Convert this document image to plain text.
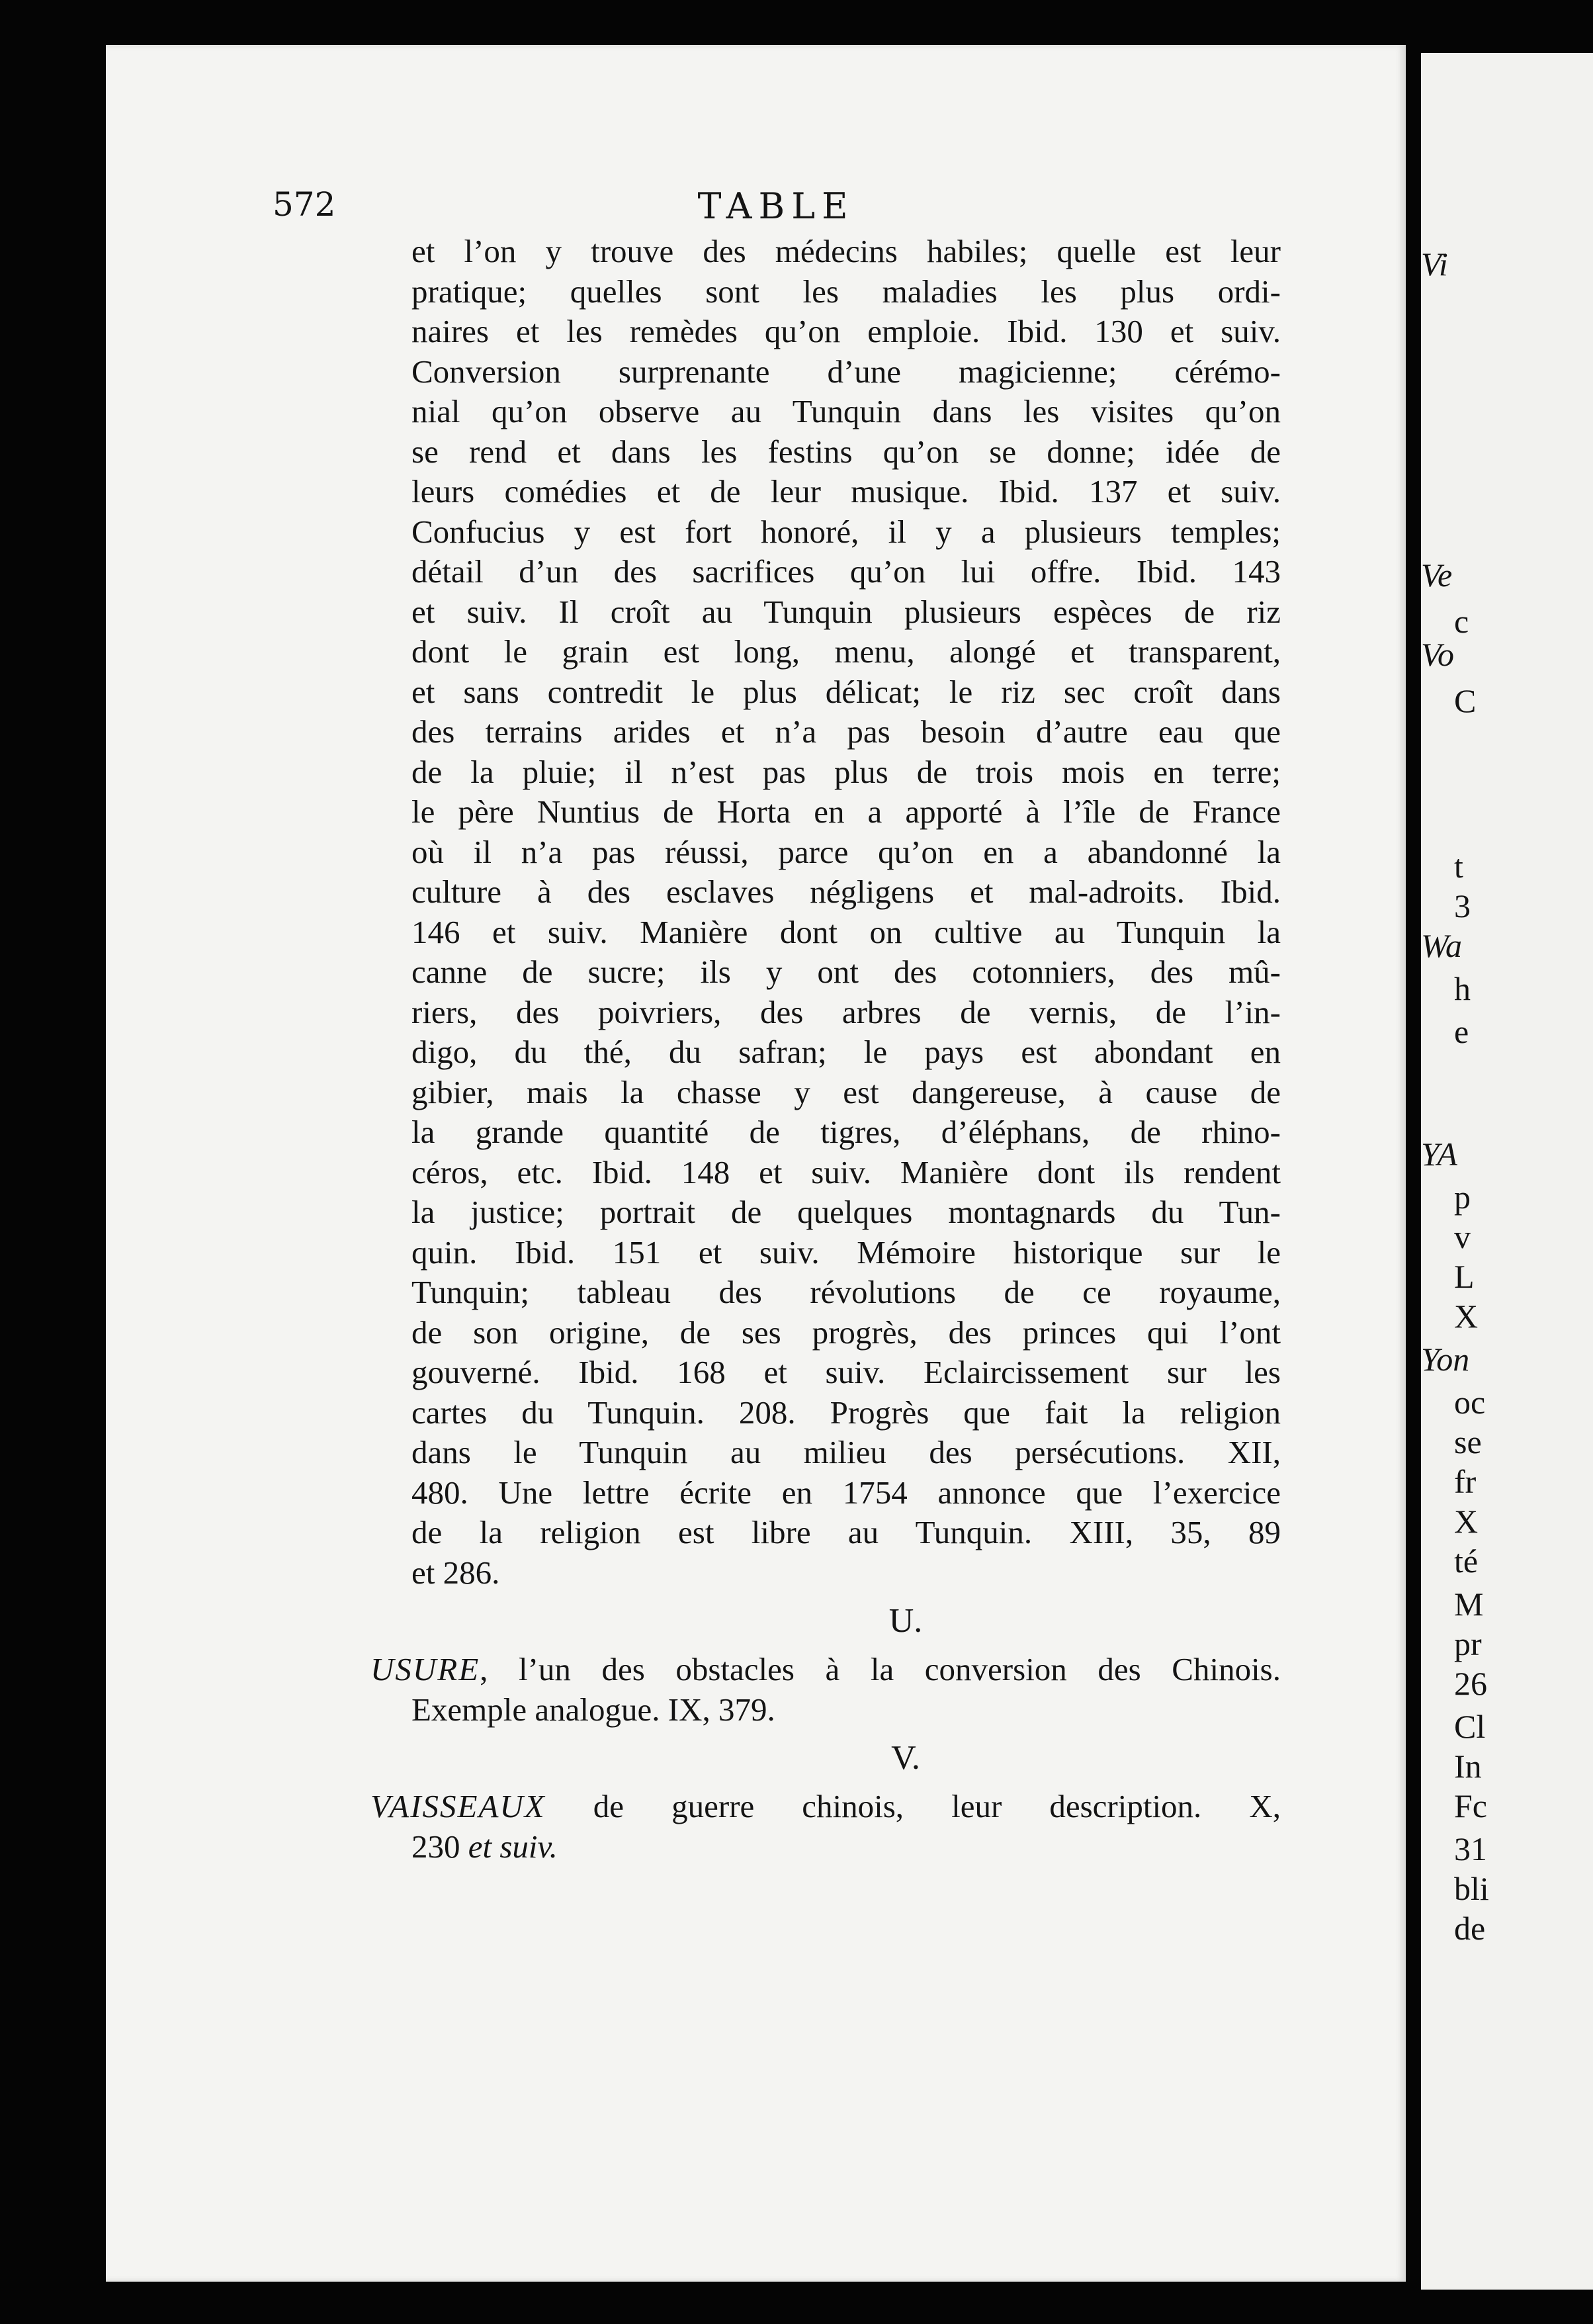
Vi
Ve
c
Vo
C
t
3
Wa
h
e
YA
p
v
L
X
Yon
oc
se
fr
X
té
M
pr
26
Cl
In
Fc
31
bli
de
572	TABLE
et l’on y trouve des médecins habiles; quelle est leur
pratique; quelles sont les maladies les plus ordi-
naires et les remèdes qu’on emploie. Ibid. 130 et suiv.
Conversion surprenante d’une magicienne; cérémo-
nial qu’on observe au Tunquin dans les visites qu’on
se rend et dans les festins qu’on se donne; idée de
leurs comédies et de leur musique. Ibid. 137 et suiv.
Confucius y est fort honoré, il y a plusieurs temples;
détail d’un des sacrifices qu’on lui offre. Ibid. 143
et suiv. Il croît au Tunquin plusieurs espèces de riz
dont le grain est long, menu, alongé et transparent,
et sans contredit le plus délicat; le riz sec croît dans
des terrains arides et n’a pas besoin d’autre eau que
de la pluie; il n’est pas plus de trois mois en terre;
le père Nuntius de Horta en a apporté à l’île de France
où il n’a pas réussi, parce qu’on en a abandonné la
culture à des esclaves négligens et mal-adroits. Ibid.
146 et suiv. Manière dont on cultive au Tunquin la
canne de sucre; ils y ont des cotonniers, des mû-
riers, des poivriers, des arbres de vernis, de l’in-
digo, du thé, du safran; le pays est abondant en
gibier, mais la chasse y est dangereuse, à cause de
la grande quantité de tigres, d’éléphans, de rhino-
céros, etc. Ibid. 148 et suiv. Manière dont ils rendent
la justice; portrait de quelques montagnards du Tun-
quin. Ibid. 151 et suiv. Mémoire historique sur le
Tunquin; tableau des révolutions de ce royaume,
de son origine, de ses progrès, des princes qui l’ont
gouverné. Ibid. 168 et suiv. Eclaircissement sur les
cartes du Tunquin. 208. Progrès que fait la religion
dans le Tunquin au milieu des persécutions. XII,
480. Une lettre écrite en 1754 annonce que l’exercice
de la religion est libre au Tunquin. XIII, 35, 89
et 286.
U.
USURE, l’un des obstacles à la conversion des Chinois.
Exemple analogue. IX, 379.
V.
VAISSEAUX de guerre chinois, leur description. X,
230 et suiv.
